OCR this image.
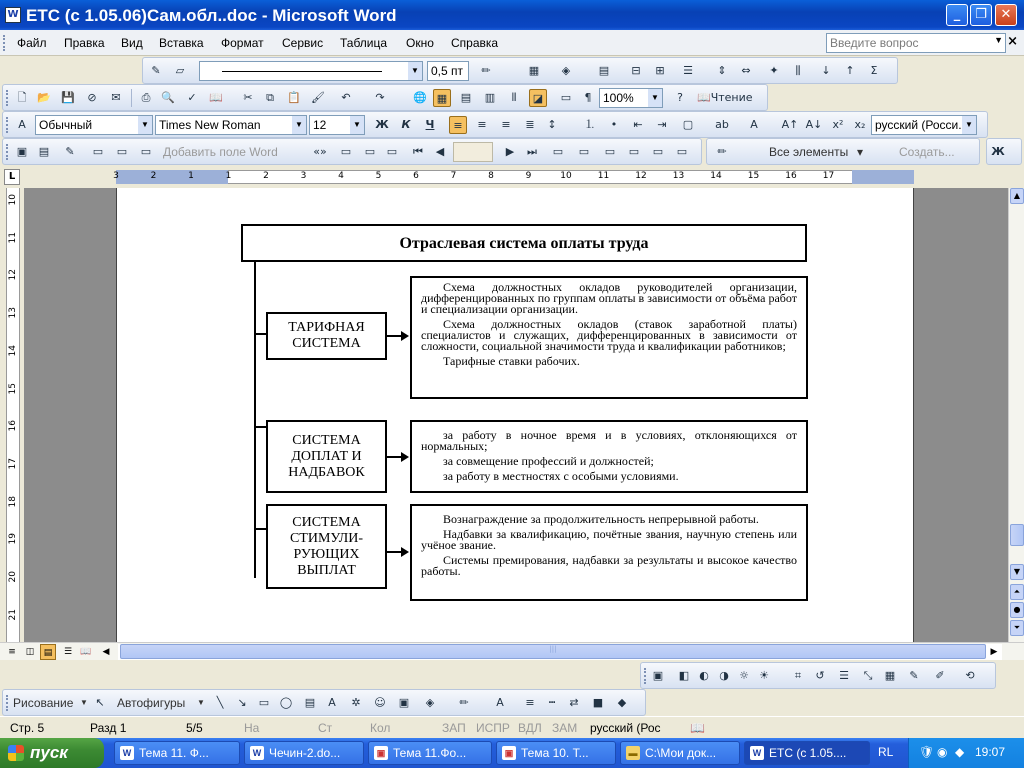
W ETC (с 1.05.06)Сам.обл..doc - Microsoft Word	_	❐	✕
Файл Правка Вид Вставка Формат Сервис Таблица Окно Справка	Введите вопрос	▼ ×
✎	▱	▼	0,5 пт	✏	▦	◈	▤	⊟	⊞	☰	⇕	⇔	✦	⫼	↓	↑	Σ
🗋 📂 💾	⊘	✉	⎙ 🔍	✓	📖	✂	⧉	📋 🖌	↶	↷	🌐 ▦	▤	▥	⫴	◪	▭	¶ 100%	▼	?	📖Чтение
A	Обычный	▼ Times New Roman	▼ 12	▼ Ж	К	Ч	≡	≡	≡	≣	↕	⒈	•	⇤	⇥	▢	ab	A	A↑ A↓ x²	x₂ русский (Росси. ▼
▣	▤	✎	▭	▭	▭ Добавить поле Word	«»	▭	▭	▭	⏮	◀	▶	⏭	▭	▭	▭	▭	▭	▭	✏	Все элементы ▾	Создать...	Ж
L	3	2	1	1	2	3	4	5	6	7	8	9	10	11	12	13	14	15	16	17
10
11
12
13
14
15
16
17
18
19
20
21
Отраслевая система оплаты труда
ТАРИФНАЯ СИСТЕМА

Схема должностных окладов руководителей организации, дифференцированных по группам оплаты в зависимости от объёма работ и специализации организации.

Схема должностных окладов (ставок заработной платы) специалистов и служащих, дифференцированных в зависимости от сложности, социальной значимости труда и квалификации работников;

Тарифные ставки рабочих.

СИСТЕМА ДОПЛАТ И НАДБАВОК

за работу в ночное время и в условиях, отклоняющихся от нормальных;

за совмещение профессий и должностей;

за работу в местностях с особыми условиями.

СИСТЕМА СТИМУЛИ-РУЮЩИХ ВЫПЛАТ

Вознаграждение за продолжительность непрерывной работы.

Надбавки за квалификацию, почётные звания, научную степень или учёное звание.

Системы премирования, надбавки за результаты и высокое качество работы.

▲
▼
⏶
●
⏷
≡	◫	▤	☰ 📖	◀	|||	▶
▣	◧ ◐ ◑ ☼ ☀	⌗	↺	☰	⤡	▦	✎	✐	⟲
Рисование ▼ ↖	Автофигуры ▼	╲	↘	▭ ◯	▤	A	✲	☺	▣	◈	✏	A	≡	┅	⇄	■	◆
Стр. 5	Разд 1	5/5	На	Ст	Кол	ЗАП ИСПР ВДЛ ЗАМ русский (Рос 📖
пуск	W Тема 11. Ф...	W Чечин-2.do...	▣ Тема 11.Фо...	▣ Тема 10. Т...	▬ C:\Мои док...	W ETC (с 1.05....	RL 🛡 ◉ ◆ 19:07
